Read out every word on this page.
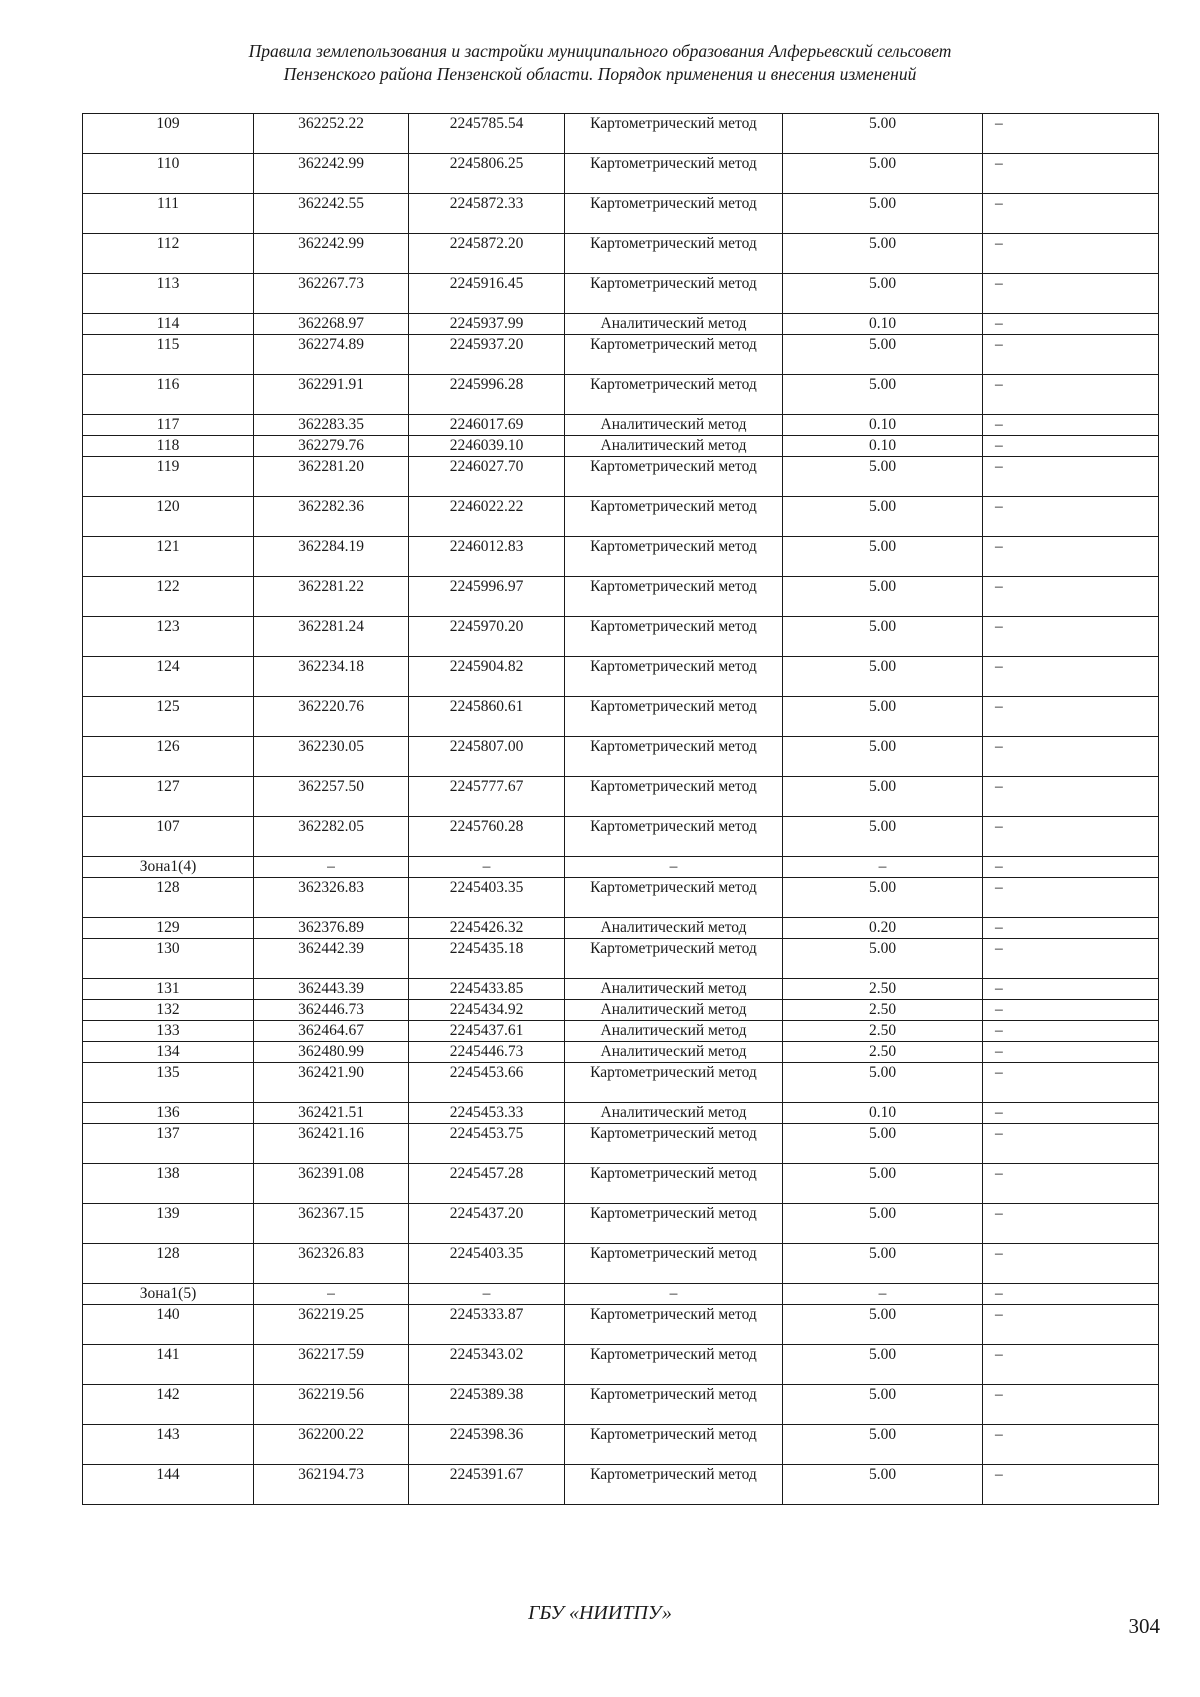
Правила землепользования и застройки муниципального образования Алферьевский сельсовет
Пензенского района Пензенской области. Порядок применения и внесения изменений
109	362252.22	2245785.54	Картометрический метод	5.00	–
110	362242.99	2245806.25	Картометрический метод	5.00	–
111	362242.55	2245872.33	Картометрический метод	5.00	–
112	362242.99	2245872.20	Картометрический метод	5.00	–
113	362267.73	2245916.45	Картометрический метод	5.00	–
114	362268.97	2245937.99	Аналитический метод	0.10	–
115	362274.89	2245937.20	Картометрический метод	5.00	–
116	362291.91	2245996.28	Картометрический метод	5.00	–
117	362283.35	2246017.69	Аналитический метод	0.10	–
118	362279.76	2246039.10	Аналитический метод	0.10	–
119	362281.20	2246027.70	Картометрический метод	5.00	–
120	362282.36	2246022.22	Картометрический метод	5.00	–
121	362284.19	2246012.83	Картометрический метод	5.00	–
122	362281.22	2245996.97	Картометрический метод	5.00	–
123	362281.24	2245970.20	Картометрический метод	5.00	–
124	362234.18	2245904.82	Картометрический метод	5.00	–
125	362220.76	2245860.61	Картометрический метод	5.00	–
126	362230.05	2245807.00	Картометрический метод	5.00	–
127	362257.50	2245777.67	Картометрический метод	5.00	–
107	362282.05	2245760.28	Картометрический метод	5.00	–
Зона1(4)	–	–	–	–	–
128	362326.83	2245403.35	Картометрический метод	5.00	–
129	362376.89	2245426.32	Аналитический метод	0.20	–
130	362442.39	2245435.18	Картометрический метод	5.00	–
131	362443.39	2245433.85	Аналитический метод	2.50	–
132	362446.73	2245434.92	Аналитический метод	2.50	–
133	362464.67	2245437.61	Аналитический метод	2.50	–
134	362480.99	2245446.73	Аналитический метод	2.50	–
135	362421.90	2245453.66	Картометрический метод	5.00	–
136	362421.51	2245453.33	Аналитический метод	0.10	–
137	362421.16	2245453.75	Картометрический метод	5.00	–
138	362391.08	2245457.28	Картометрический метод	5.00	–
139	362367.15	2245437.20	Картометрический метод	5.00	–
128	362326.83	2245403.35	Картометрический метод	5.00	–
Зона1(5)	–	–	–	–	–
140	362219.25	2245333.87	Картометрический метод	5.00	–
141	362217.59	2245343.02	Картометрический метод	5.00	–
142	362219.56	2245389.38	Картометрический метод	5.00	–
143	362200.22	2245398.36	Картометрический метод	5.00	–
144	362194.73	2245391.67	Картометрический метод	5.00	–
ГБУ «НИИТПУ»
304
